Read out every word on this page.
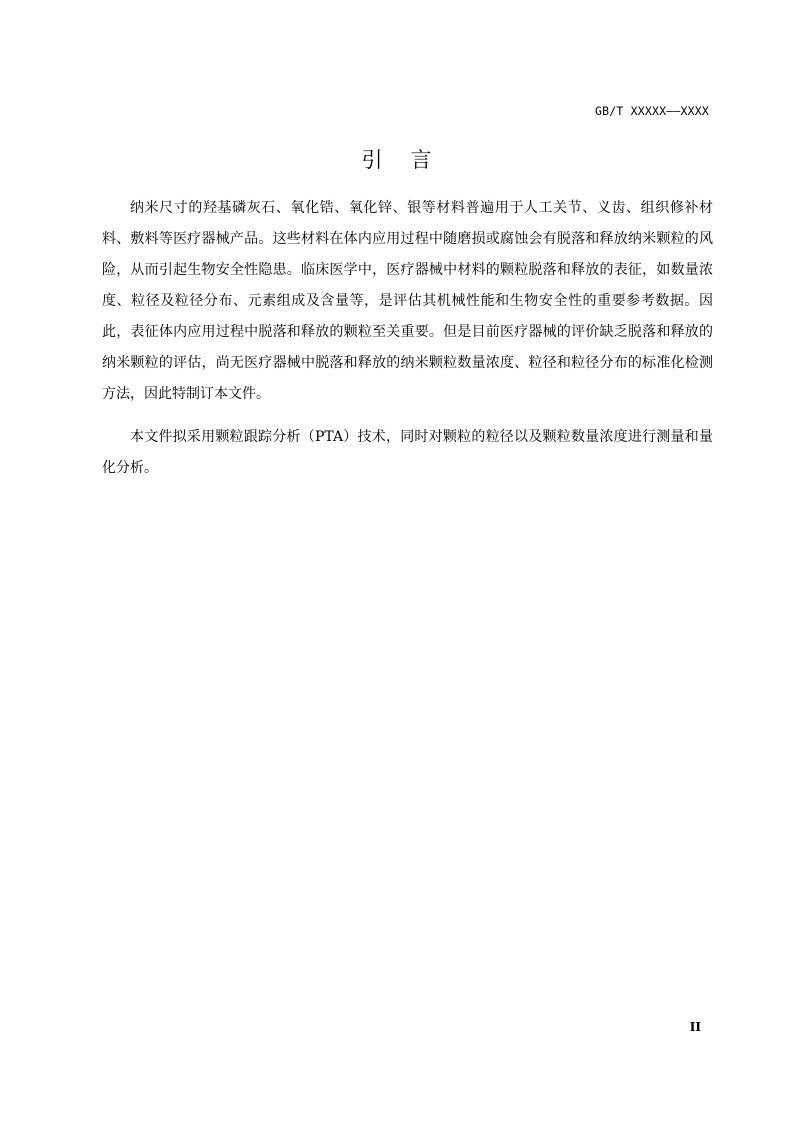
GB/T XXXXX——XXXX
引言

纳米尺寸的羟基磷灰石、氧化锆、氧化锌、银等材料普遍用于人工关节、义齿、组织修补材料、敷料等医疗器械产品。这些材料在体内应用过程中随磨损或腐蚀会有脱落和释放纳米颗粒的风险，从而引起生物安全性隐患。临床医学中，医疗器械中材料的颗粒脱落和释放的表征，如数量浓度、粒径及粒径分布、元素组成及含量等，是评估其机械性能和生物安全性的重要参考数据。因此，表征体内应用过程中脱落和释放的颗粒至关重要。但是目前医疗器械的评价缺乏脱落和释放的纳米颗粒的评估，尚无医疗器械中脱落和释放的纳米颗粒数量浓度、粒径和粒径分布的标准化检测方法，因此特制订本文件。

本文件拟采用颗粒跟踪分析（PTA）技术，同时对颗粒的粒径以及颗粒数量浓度进行测量和量化分析。

II
